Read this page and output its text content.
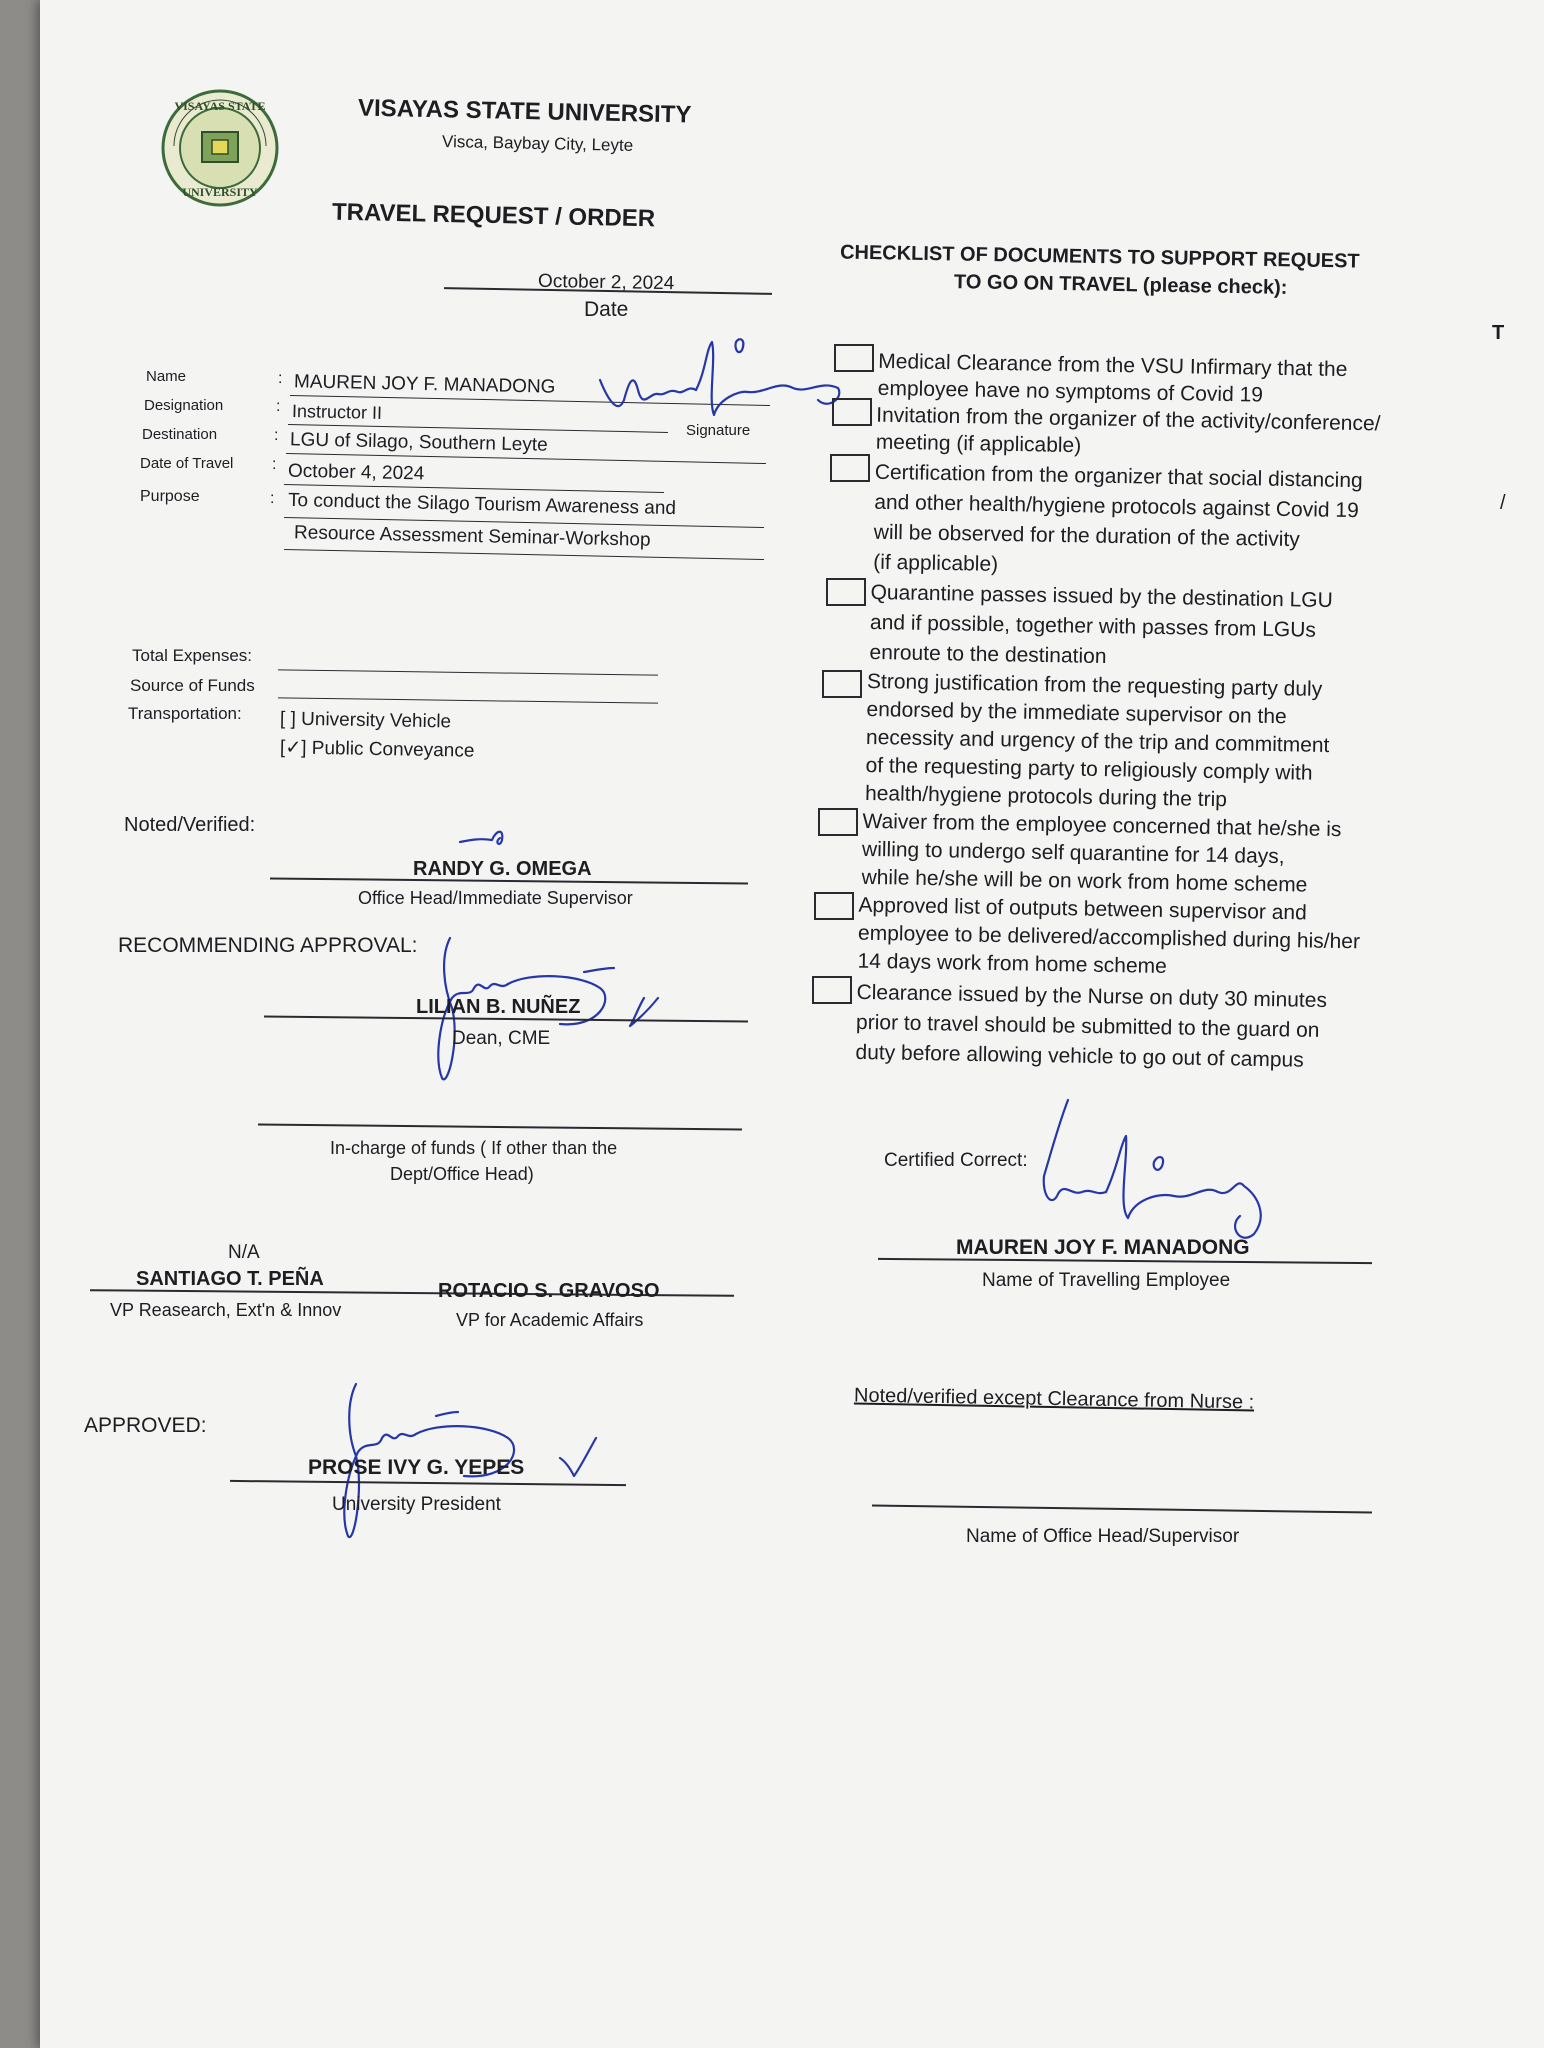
T
/
VISAYAS STATE
UNIVERSITY
VISAYAS STATE UNIVERSITY
Visca, Baybay City, Leyte
TRAVEL REQUEST / ORDER
October 2, 2024
Date
Name
Designation
Destination
Date of Travel
Purpose
:
:
:
:
:
MAUREN JOY F. MANADONG
Instructor II
LGU of Silago, Southern Leyte
October 4, 2024
To conduct the Silago Tourism Awareness and
Resource Assessment Seminar-Workshop
Signature
Total Expenses:
Source of Funds
Transportation: [ ] University Vehicle
[✓] Public Conveyance
Noted/Verified:
RANDY G. OMEGA
Office Head/Immediate Supervisor
RECOMMENDING APPROVAL:
LILIAN B. NUÑEZ
Dean, CME
In-charge of funds ( If other than the
Dept/Office Head)
N/A
SANTIAGO T. PEÑA
VP Reasearch, Ext'n & Innov
ROTACIO S. GRAVOSO
VP for Academic Affairs
APPROVED:
PROSE IVY G. YEPES
University President
CHECKLIST OF DOCUMENTS TO SUPPORT REQUEST
TO GO ON TRAVEL (please check):
Medical Clearance from the VSU Infirmary that the
employee have no symptoms of Covid 19
Invitation from the organizer of the activity/conference/
meeting (if applicable)
Certification from the organizer that social distancing
and other health/hygiene protocols against Covid 19
will be observed for the duration of the activity
(if applicable)
Quarantine passes issued by the destination LGU
and if possible, together with passes from LGUs
enroute to the destination
Strong justification from the requesting party duly
endorsed by the immediate supervisor on the
necessity and urgency of the trip and commitment
of the requesting party to religiously comply with
health/hygiene protocols during the trip
Waiver from the employee concerned that he/she is
willing to undergo self quarantine for 14 days,
while he/she will be on work from home scheme
Approved list of outputs between supervisor and
employee to be delivered/accomplished during his/her
14 days work from home scheme
Clearance issued by the Nurse on duty 30 minutes
prior to travel should be submitted to the guard on
duty before allowing vehicle to go out of campus
Certified Correct:
MAUREN JOY F. MANADONG
Name of Travelling Employee
Noted/verified except Clearance from Nurse :
Name of Office Head/Supervisor
